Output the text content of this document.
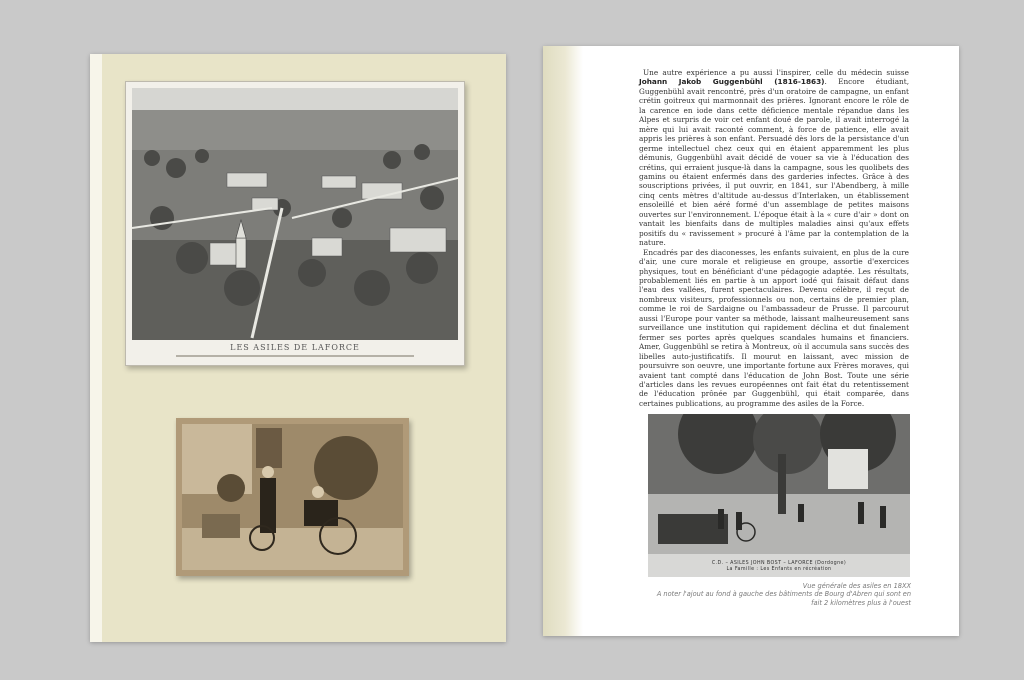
LES ASILES DE LAFORCE

Une autre expérience a pu aussi l'inspirer, celle du médecin suisse Johann Jakob Guggenbühl (1816-1863). Encore étudiant, Guggenbühl avait rencontré, près d'un oratoire de campagne, un enfant crétin goitreux qui marmonnait des prières. Ignorant encore le rôle de la carence en iode dans cette déficience mentale répandue dans les Alpes et surpris de voir cet enfant doué de parole, il avait interrogé la mère qui lui avait raconté comment, à force de patience, elle avait appris les prières à son enfant. Persuadé dès lors de la persistance d'un germe intellectuel chez ceux qui en étaient apparemment les plus démunis, Guggenbühl avait décidé de vouer sa vie à l'éducation des crétins, qui erraient jusque-là dans la campagne, sous les quolibets des gamins ou étaient enfermés dans des garderies infectes. Grâce à des souscriptions privées, il put ouvrir, en 1841, sur l'Abendberg, à mille cinq cents mètres d'altitude au-dessus d'Interlaken, un établissement ensoleillé et bien aéré formé d'un assemblage de petites maisons ouvertes sur l'environnement. L'époque était à la « cure d'air » dont on vantait les bienfaits dans de multiples maladies ainsi qu'aux effets positifs du « ravissement » procuré à l'âme par la contemplation de la nature.

Encadrés par des diaconesses, les enfants suivaient, en plus de la cure d'air, une cure morale et religieuse en groupe, assortie d'exercices physiques, tout en bénéficiant d'une pédagogie adaptée. Les résultats, probablement liés en partie à un apport iodé qui faisait défaut dans l'eau des vallées, furent spectaculaires. Devenu célèbre, il reçut de nombreux visiteurs, professionnels ou non, certains de premier plan, comme le roi de Sardaigne ou l'ambassadeur de Prusse. Il parcourut aussi l'Europe pour vanter sa méthode, laissant malheureusement sans surveillance une institution qui rapidement déclina et dut finalement fermer ses portes après quelques scandales humains et financiers. Amer, Guggenbühl se retira à Montreux, où il accumula sans succès des libelles auto-justificatifs. Il mourut en laissant, avec mission de poursuivre son oeuvre, une importante fortune aux Frères moraves, qui avaient tant compté dans l'éducation de John Bost. Toute une série d'articles dans les revues européennes ont fait état du retentissement de l'éducation prônée par Guggenbühl, qui était comparée, dans certaines publications, au programme des asiles de la Force.

C.D. – ASILES JOHN BOST – LAFORCE (Dordogne)
La Famille : Les Enfants en récréation
Vue générale des asiles en 18XX
A noter l'ajout au fond à gauche des bâtiments de Bourg d'Abren qui sont en
fait 2 kilomètres plus à l'ouest
